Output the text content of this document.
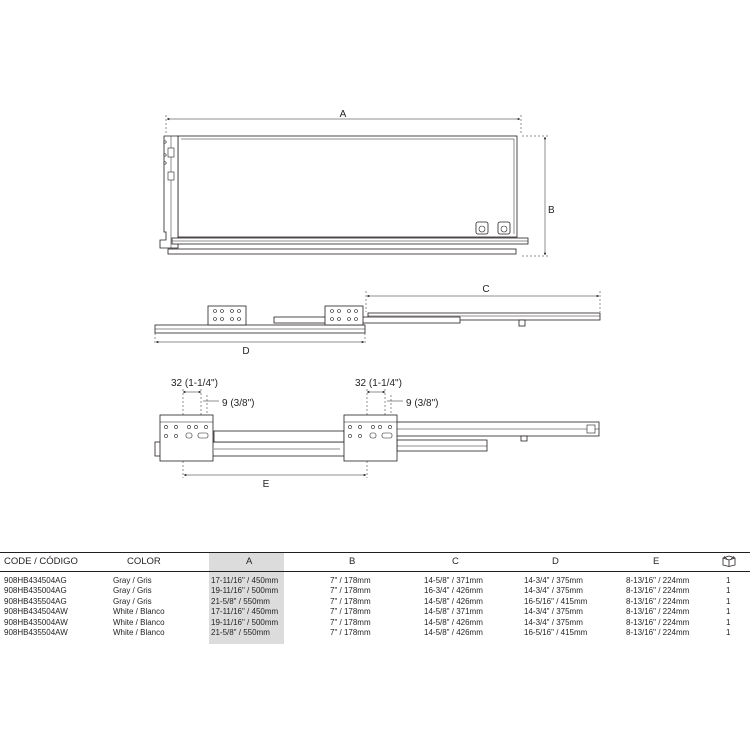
A
B
C
D
32 (1-1/4")
9 (3/8")
32 (1-1/4")
9 (3/8")
E
CODE / CÓDIGO	COLOR	A	B	C	D	E
908HB434504AG	Gray / Gris	17-11/16" / 450mm	7" / 178mm	14-5/8" / 371mm	14-3/4" / 375mm	8-13/16" / 224mm	1
908HB435004AG	Gray / Gris	19-11/16" / 500mm	7" / 178mm	16-3/4" / 426mm	14-3/4" / 375mm	8-13/16" / 224mm	1
908HB435504AG	Gray / Gris	21-5/8" / 550mm	7" / 178mm	14-5/8" / 426mm	16-5/16" / 415mm	8-13/16" / 224mm	1
908HB434504AW	White / Blanco	17-11/16" / 450mm	7" / 178mm	14-5/8" / 371mm	14-3/4" / 375mm	8-13/16" / 224mm	1
908HB435004AW	White / Blanco	19-11/16" / 500mm	7" / 178mm	14-5/8" / 426mm	14-3/4" / 375mm	8-13/16" / 224mm	1
908HB435504AW	White / Blanco	21-5/8" / 550mm	7" / 178mm	14-5/8" / 426mm	16-5/16" / 415mm	8-13/16" / 224mm	1
